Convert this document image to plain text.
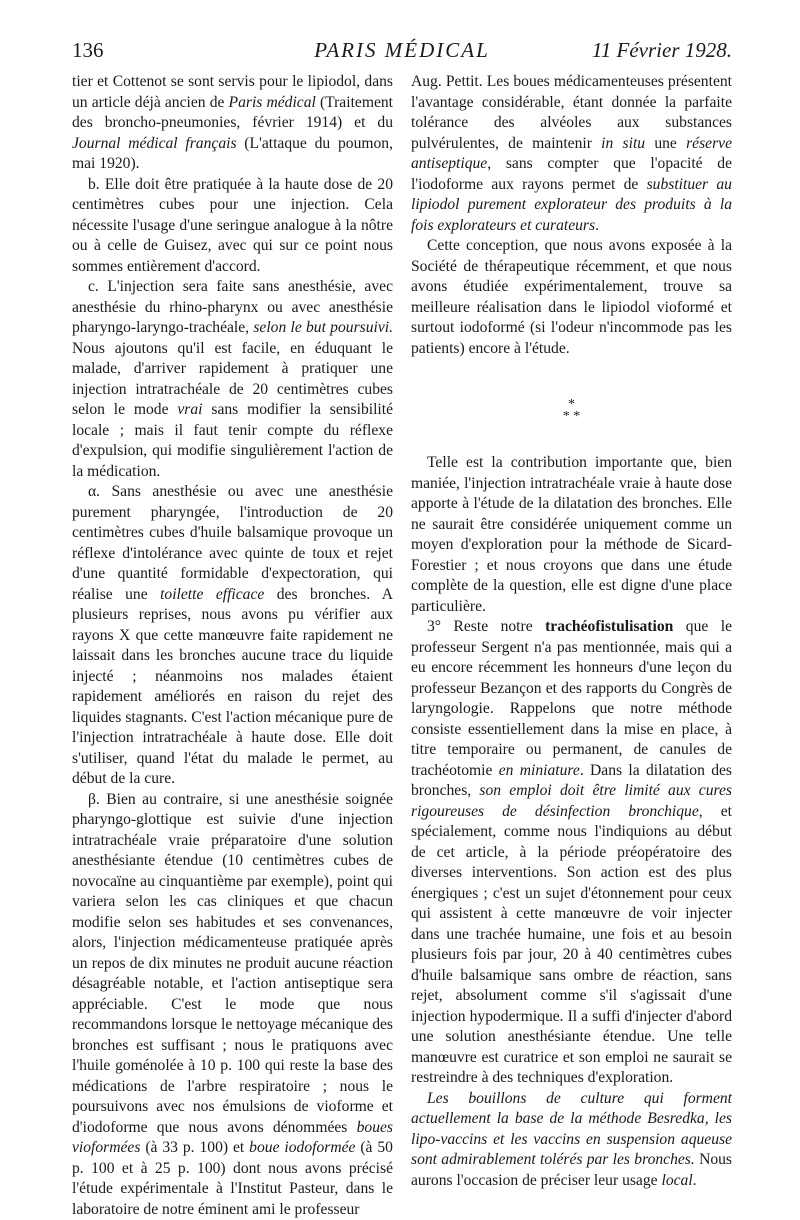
136	PARIS MÉDICAL	11 Février 1928.

tier et Cottenot se sont servis pour le lipiodol, dans un article déjà ancien de Paris médical (Traitement des broncho-pneumonies, février 1914) et du Journal médical français (L'attaque du poumon, mai 1920).

b. Elle doit être pratiquée à la haute dose de 20 centimètres cubes pour une injection. Cela nécessite l'usage d'une seringue analogue à la nôtre ou à celle de Guisez, avec qui sur ce point nous sommes entièrement d'accord.

c. L'injection sera faite sans anesthésie, avec anesthésie du rhino-pharynx ou avec anesthésie pharyngo-laryngo-trachéale, selon le but poursuivi. Nous ajoutons qu'il est facile, en éduquant le malade, d'arriver rapidement à pratiquer une injection intratrachéale de 20 centimètres cubes selon le mode vrai sans modifier la sensibilité locale ; mais il faut tenir compte du réflexe d'expulsion, qui modifie singulièrement l'action de la médication.

α. Sans anesthésie ou avec une anesthésie purement pharyngée, l'introduction de 20 centimètres cubes d'huile balsamique provoque un réflexe d'intolérance avec quinte de toux et rejet d'une quantité formidable d'expectoration, qui réalise une toilette efficace des bronches. A plusieurs reprises, nous avons pu vérifier aux rayons X que cette manœuvre faite rapidement ne laissait dans les bronches aucune trace du liquide injecté ; néanmoins nos malades étaient rapidement améliorés en raison du rejet des liquides stagnants. C'est l'action mécanique pure de l'injection intratrachéale à haute dose. Elle doit s'utiliser, quand l'état du malade le permet, au début de la cure.

β. Bien au contraire, si une anesthésie soignée pharyngo-glottique est suivie d'une injection intratrachéale vraie préparatoire d'une solution anesthésiante étendue (10 centimètres cubes de novocaïne au cinquantième par exemple), point qui variera selon les cas cliniques et que chacun modifie selon ses habitudes et ses convenances, alors, l'injection médicamenteuse pratiquée après un repos de dix minutes ne produit aucune réaction désagréable notable, et l'action antiseptique sera appréciable. C'est le mode que nous recommandons lorsque le nettoyage mécanique des bronches est suffisant ; nous le pratiquons avec l'huile goménolée à 10 p. 100 qui reste la base des médications de l'arbre respiratoire ; nous le poursuivons avec nos émulsions de vioforme et d'iodoforme que nous avons dénommées boues vioformées (à 33 p. 100) et boue iodoformée (à 50 p. 100 et à 25 p. 100) dont nous avons précisé l'étude expérimentale à l'Institut Pasteur, dans le laboratoire de notre éminent ami le professeur

Aug. Pettit. Les boues médicamenteuses présentent l'avantage considérable, étant donnée la parfaite tolérance des alvéoles aux substances pulvérulentes, de maintenir in situ une réserve antiseptique, sans compter que l'opacité de l'iodoforme aux rayons permet de substituer au lipiodol purement explorateur des produits à la fois explorateurs et curateurs.

Cette conception, que nous avons exposée à la Société de thérapeutique récemment, et que nous avons étudiée expérimentalement, trouve sa meilleure réalisation dans le lipiodol vioformé et surtout iodoformé (si l'odeur n'incommode pas les patients) encore à l'étude.

*
* *

Telle est la contribution importante que, bien maniée, l'injection intratrachéale vraie à haute dose apporte à l'étude de la dilatation des bronches. Elle ne saurait être considérée uniquement comme un moyen d'exploration pour la méthode de Sicard-Forestier ; et nous croyons que dans une étude complète de la question, elle est digne d'une place particulière.

3° Reste notre trachéofistulisation que le professeur Sergent n'a pas mentionnée, mais qui a eu encore récemment les honneurs d'une leçon du professeur Bezançon et des rapports du Congrès de laryngologie. Rappelons que notre méthode consiste essentiellement dans la mise en place, à titre temporaire ou permanent, de canules de trachéotomie en miniature. Dans la dilatation des bronches, son emploi doit être limité aux cures rigoureuses de désinfection bronchique, et spécialement, comme nous l'indiquions au début de cet article, à la période préopératoire des diverses interventions. Son action est des plus énergiques ; c'est un sujet d'étonnement pour ceux qui assistent à cette manœuvre de voir injecter dans une trachée humaine, une fois et au besoin plusieurs fois par jour, 20 à 40 centimètres cubes d'huile balsamique sans ombre de réaction, sans rejet, absolument comme s'il s'agissait d'une injection hypodermique. Il a suffi d'injecter d'abord une solution anesthésiante étendue. Une telle manœuvre est curatrice et son emploi ne saurait se restreindre à des techniques d'exploration.

Les bouillons de culture qui forment actuellement la base de la méthode Besredka, les lipo-vaccins et les vaccins en suspension aqueuse sont admirablement tolérés par les bronches. Nous aurons l'occasion de préciser leur usage local.
